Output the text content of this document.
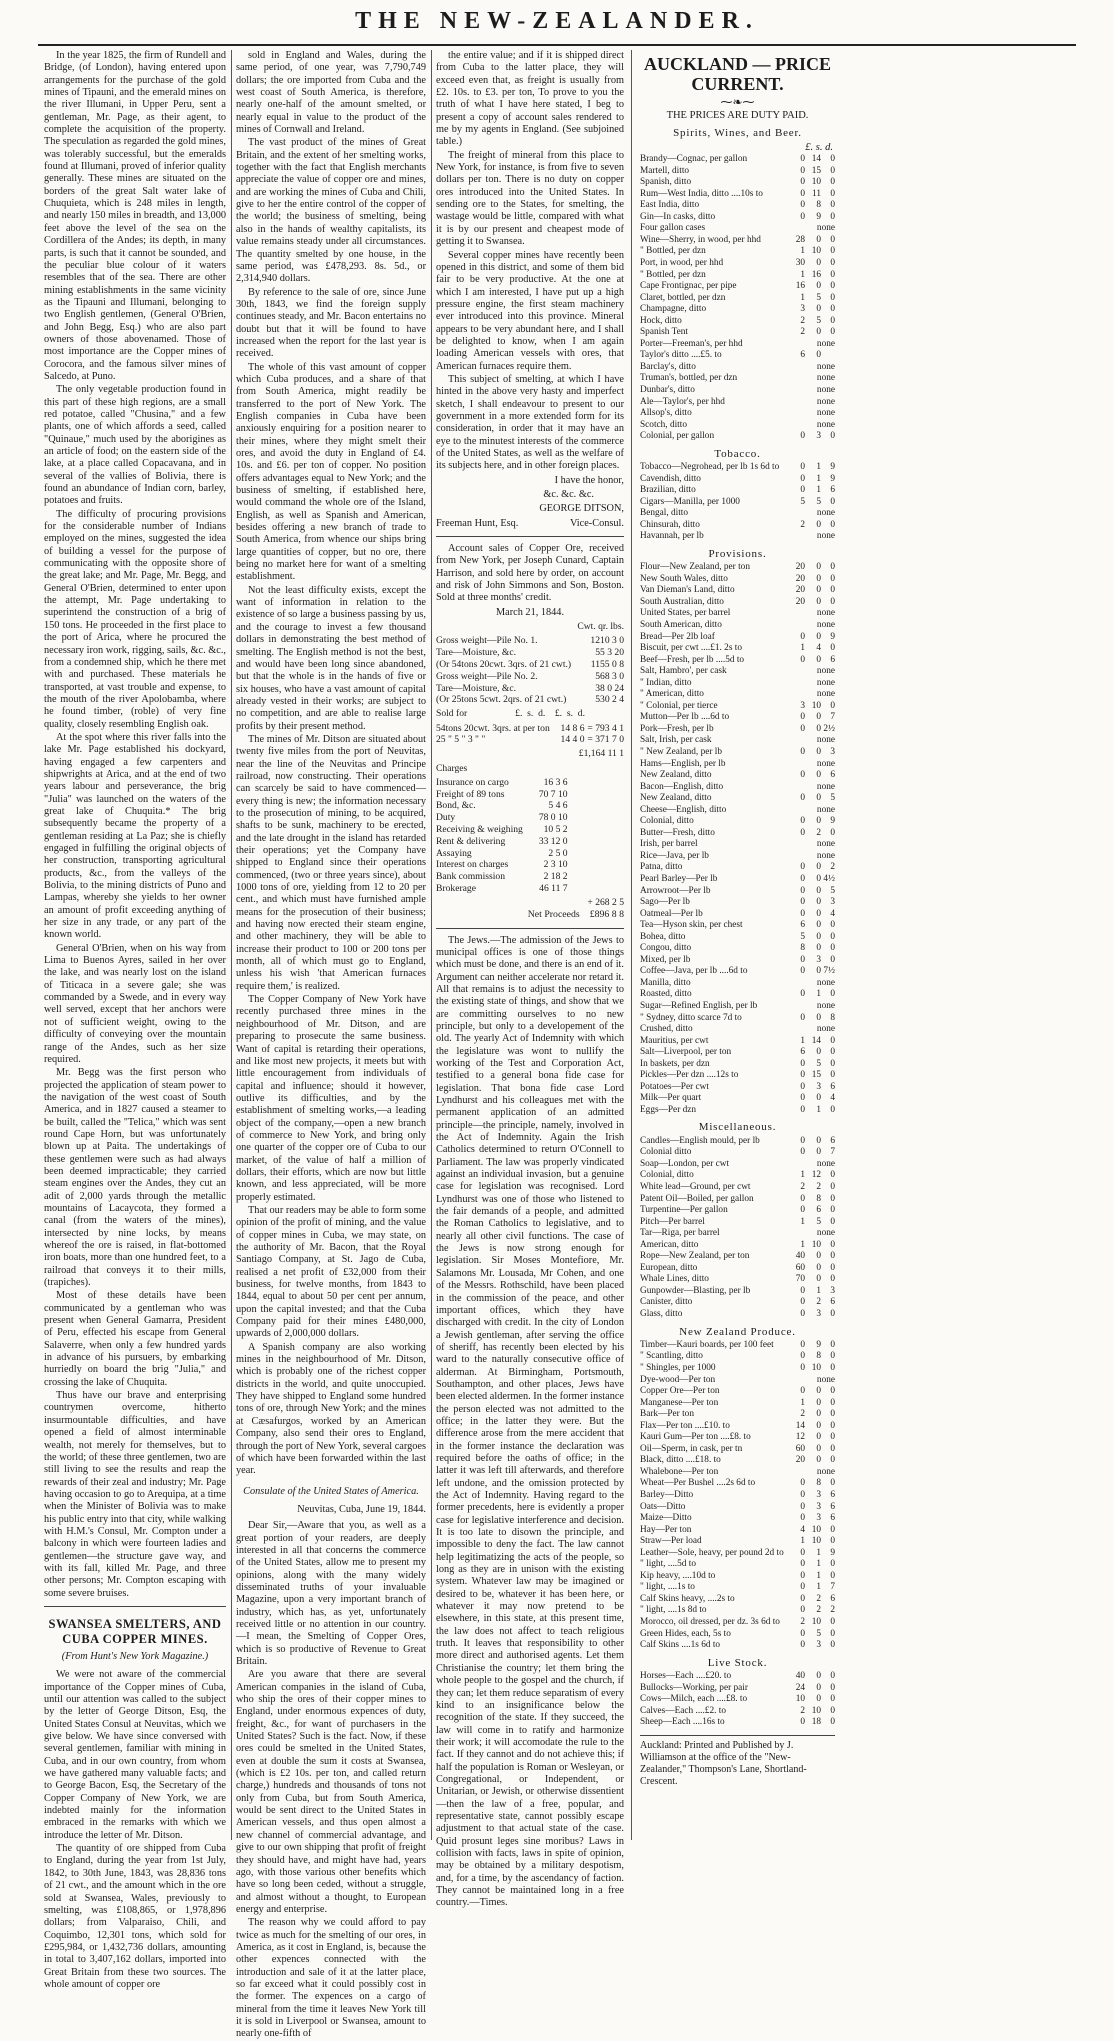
THE NEW-ZEALANDER.

In the year 1825, the firm of Rundell and Bridge, (of London), having entered upon arrangements for the purchase of the gold mines of Tipauni, and the emerald mines on the river Illumani, in Upper Peru, sent a gentleman, Mr. Page, as their agent, to complete the acquisition of the property. The speculation as regarded the gold mines, was tolerably successful, but the emeralds found at Illumani, proved of inferior quality generally. These mines are situated on the borders of the great Salt water lake of Chuquieta, which is 248 miles in length, and nearly 150 miles in breadth, and 13,000 feet above the level of the sea on the Cordillera of the Andes; its depth, in many parts, is such that it cannot be sounded, and the peculiar blue colour of it waters resembles that of the sea. There are other mining establishments in the same vicinity as the Tipauni and Illumani, belonging to two English gentlemen, (General O'Brien, and John Begg, Esq.) who are also part owners of those abovenamed. Those of most importance are the Copper mines of Corocora, and the famous silver mines of Salcedo, at Puno.

The only vegetable production found in this part of these high regions, are a small red potatoe, called "Chusina," and a few plants, one of which affords a seed, called "Quinaue," much used by the aborigines as an article of food; on the eastern side of the lake, at a place called Copacavana, and in several of the vallies of Bolivia, there is found an abundance of Indian corn, barley, potatoes and fruits.

The difficulty of procuring provisions for the considerable number of Indians employed on the mines, suggested the idea of building a vessel for the purpose of communicating with the opposite shore of the great lake; and Mr. Page, Mr. Begg, and General O'Brien, determined to enter upon the attempt, Mr. Page undertaking to superintend the construction of a brig of 150 tons. He proceeded in the first place to the port of Arica, where he procured the necessary iron work, rigging, sails, &c. &c., from a condemned ship, which he there met with and purchased. These materials he transported, at vast trouble and expense, to the mouth of the river Apolobamba, where he found timber, (roble) of very fine quality, closely resembling English oak.

At the spot where this river falls into the lake Mr. Page established his dockyard, having engaged a few carpenters and shipwrights at Arica, and at the end of two years labour and perseverance, the brig "Julia" was launched on the waters of the great lake of Chuquita.* The brig subsequently became the property of a gentleman residing at La Paz; she is chiefly engaged in fulfilling the original objects of her construction, transporting agricultural products, &c., from the valleys of the Bolivia, to the mining districts of Puno and Lampas, whereby she yields to her owner an amount of profit exceeding anything of her size in any trade, or any part of the known world.

General O'Brien, when on his way from Lima to Buenos Ayres, sailed in her over the lake, and was nearly lost on the island of Titicaca in a severe gale; she was commanded by a Swede, and in every way well served, except that her anchors were not of sufficient weight, owing to the difficulty of conveying over the mountain range of the Andes, such as her size required.

Mr. Begg was the first person who projected the application of steam power to the navigation of the west coast of South America, and in 1827 caused a steamer to be built, called the "Telica," which was sent round Cape Horn, but was unfortunately blown up at Paita. The undertakings of these gentlemen were such as had always been deemed impracticable; they carried steam engines over the Andes, they cut an adit of 2,000 yards through the metallic mountains of Lacaycota, they formed a canal (from the waters of the mines), intersected by nine locks, by means whereof the ore is raised, in flat-bottomed iron boats, more than one hundred feet, to a railroad that conveys it to their mills, (trapiches).

Most of these details have been communicated by a gentleman who was present when General Gamarra, President of Peru, effected his escape from General Salaverre, when only a few hundred yards in advance of his pursuers, by embarking hurriedly on board the brig "Julia," and crossing the lake of Chuquita.

Thus have our brave and enterprising countrymen overcome, hitherto insurmountable difficulties, and have opened a field of almost interminable wealth, not merely for themselves, but to the world; of these three gentlemen, two are still living to see the results and reap the rewards of their zeal and industry; Mr. Page having occasion to go to Arequipa, at a time when the Minister of Bolivia was to make his public entry into that city, while walking with H.M.'s Consul, Mr. Compton under a balcony in which were fourteen ladies and gentlemen—the structure gave way, and with its fall, killed Mr. Page, and three other persons; Mr. Compton escaping with some severe bruises.

SWANSEA SMELTERS, AND CUBA COPPER MINES.
(From Hunt's New York Magazine.)

We were not aware of the commercial importance of the Copper mines of Cuba, until our attention was called to the subject by the letter of George Ditson, Esq, the United States Consul at Neuvitas, which we give below. We have since conversed with several gentlemen, familiar with mining in Cuba, and in our own country, from whom we have gathered many valuable facts; and to George Bacon, Esq, the Secretary of the Copper Company of New York, we are indebted mainly for the information embraced in the remarks with which we introduce the letter of Mr. Ditson.

The quantity of ore shipped from Cuba to England, during the year from 1st July, 1842, to 30th June, 1843, was 28,836 tons of 21 cwt., and the amount which in the ore sold at Swansea, Wales, previously to smelting, was £108,865, or 1,978,896 dollars; from Valparaiso, Chili, and Coquimbo, 12,301 tons, which sold for £295,984, or 1,432,736 dollars, amounting in total to 3,407,162 dollars, imported into Great Britain from these two sources. The whole amount of copper ore

sold in England and Wales, during the same period, of one year, was 7,790,749 dollars; the ore imported from Cuba and the west coast of South America, is therefore, nearly one-half of the amount smelted, or nearly equal in value to the product of the mines of Cornwall and Ireland.

The vast product of the mines of Great Britain, and the extent of her smelting works, together with the fact that English merchants appreciate the value of copper ore and mines, and are working the mines of Cuba and Chili, give to her the entire control of the copper of the world; the business of smelting, being also in the hands of wealthy capitalists, its value remains steady under all circumstances. The quantity smelted by one house, in the same period, was £478,293. 8s. 5d., or 2,314,940 dollars.

By reference to the sale of ore, since June 30th, 1843, we find the foreign supply continues steady, and Mr. Bacon entertains no doubt but that it will be found to have increased when the report for the last year is received.

The whole of this vast amount of copper which Cuba produces, and a share of that from South America, might readily be transferred to the port of New York. The English companies in Cuba have been anxiously enquiring for a position nearer to their mines, where they might smelt their ores, and avoid the duty in England of £4. 10s. and £6. per ton of copper. No position offers advantages equal to New York; and the business of smelting, if established here, would command the whole ore of the Island, English, as well as Spanish and American, besides offering a new branch of trade to South America, from whence our ships bring large quantities of copper, but no ore, there being no market here for want of a smelting establishment.

Not the least difficulty exists, except the want of information in relation to the existence of so large a business passing by us, and the courage to invest a few thousand dollars in demonstrating the best method of smelting. The English method is not the best, and would have been long since abandoned, but that the whole is in the hands of five or six houses, who have a vast amount of capital already vested in their works; are subject to no competition, and are able to realise large profits by their present method.

The mines of Mr. Ditson are situated about twenty five miles from the port of Neuvitas, near the line of the Neuvitas and Principe railroad, now constructing. Their operations can scarcely be said to have commenced—every thing is new; the information necessary to the prosecution of mining, to be acquired, shafts to be sunk, machinery to be erected, and the late drought in the island has retarded their operations; yet the Company have shipped to England since their operations commenced, (two or three years since), about 1000 tons of ore, yielding from 12 to 20 per cent., and which must have furnished ample means for the prosecution of their business; and having now erected their steam engine, and other machinery, they will be able to increase their product to 100 or 200 tons per month, all of which must go to England, unless his wish 'that American furnaces require them,' is realized.

The Copper Company of New York have recently purchased three mines in the neighbourhood of Mr. Ditson, and are preparing to prosecute the same business. Want of capital is retarding their operations, and like most new projects, it meets but with little encouragement from individuals of capital and influence; should it however, outlive its difficulties, and by the establishment of smelting works,—a leading object of the company,—open a new branch of commerce to New York, and bring only one quarter of the copper ore of Cuba to our market, of the value of half a million of dollars, their efforts, which are now but little known, and less appreciated, will be more properly estimated.

That our readers may be able to form some opinion of the profit of mining, and the value of copper mines in Cuba, we may state, on the authority of Mr. Bacon, that the Royal Santiago Company, at St. Jago de Cuba, realised a net profit of £32,000 from their business, for twelve months, from 1843 to 1844, equal to about 50 per cent per annum, upon the capital invested; and that the Cuba Company paid for their mines £480,000, upwards of 2,000,000 dollars.

A Spanish company are also working mines in the neighbourhood of Mr. Ditson, which is probably one of the richest copper districts in the world, and quite unoccupied. They have shipped to England some hundred tons of ore, through New York; and the mines at Cæsafurgos, worked by an American Company, also send their ores to England, through the port of New York, several cargoes of which have been forwarded within the last year.

Consulate of the United States of America.
Neuvitas, Cuba, June 19, 1844.

Dear Sir,—Aware that you, as well as a great portion of your readers, are deeply interested in all that concerns the commerce of the United States, allow me to present my opinions, along with the many widely disseminated truths of your invaluable Magazine, upon a very important branch of industry, which has, as yet, unfortunately received little or no attention in our country.—I mean, the Smelting of Copper Ores, which is so productive of Revenue to Great Britain.

Are you aware that there are several American companies in the island of Cuba, who ship the ores of their copper mines to England, under enormous expences of duty, freight, &c., for want of purchasers in the United States? Such is the fact. Now, if these ores could be smelted in the United States, even at double the sum it costs at Swansea, (which is £2 10s. per ton, and called return charge,) hundreds and thousands of tons not only from Cuba, but from South America, would be sent direct to the United States in American vessels, and thus open almost a new channel of commercial advantage, and give to our own shipping that profit of freight they should have, and might have had, years ago, with those various other benefits which have so long been ceded, without a struggle, and almost without a thought, to European energy and enterprise.

The reason why we could afford to pay twice as much for the smelting of our ores, in America, as it cost in England, is, because the other expences connected with the introduction and sale of it at the latter place, so far exceed what it could possibly cost in the former. The expences on a cargo of mineral from the time it leaves New York till it is sold in Liverpool or Swansea, amount to nearly one-fifth of

the entire value; and if it is shipped direct from Cuba to the latter place, they will exceed even that, as freight is usually from £2. 10s. to £3. per ton, To prove to you the truth of what I have here stated, I beg to present a copy of account sales rendered to me by my agents in England. (See subjoined table.)

The freight of mineral from this place to New York, for instance, is from five to seven dollars per ton. There is no duty on copper ores introduced into the United States. In sending ore to the States, for smelting, the wastage would be little, compared with what it is by our present and cheapest mode of getting it to Swansea.

Several copper mines have recently been opened in this district, and some of them bid fair to be very productive. At the one at which I am interested, I have put up a high pressure engine, the first steam machinery ever introduced into this province. Mineral appears to be very abundant here, and I shall be delighted to know, when I am again loading American vessels with ores, that American furnaces require them.

This subject of smelting, at which I have hinted in the above very hasty and imperfect sketch, I shall endeavour to present to our government in a more extended form for its consideration, in order that it may have an eye to the minutest interests of the commerce of the United States, as well as the welfare of its subjects here, and in other foreign places.

I have the honor,
&c. &c. &c.
GEORGE DITSON,
Freeman Hunt, Esq.	Vice-Consul.

Account sales of Copper Ore, received from New York, per Joseph Cunard, Captain Harrison, and sold here by order, on account and risk of John Simmons and Son, Boston. Sold at three months' credit.

March 21, 1844.
Cwt. qr. lbs.
Gross weight—Pile No. 1.	1210 3 0
Tare—Moisture, &c.	55 3 20
(Or 54tons 20cwt. 3qrs. of 21 cwt.)	1155 0 8
Gross weight—Pile No. 2.	568 3 0
Tare—Moisture, &c.	38 0 24
(Or 25tons 5cwt. 2qrs. of 21 cwt.)	530 2 4
Sold for                    £.  s.  d.    £.  s.  d.
54tons 20cwt. 3qrs. at per ton	14 8 6	= 793 4 1
25 " 5 " 3 " "	14 4 0	= 371 7 0
£1,164 11 1
Charges
Insurance on cargo	16 3 6
Freight of 89 tons	70 7 10
Bond, &c.	5 4 6
Duty	78 0 10
Receiving & weighing	10 5 2
Rent & delivering	33 12 0
Assaying	2 5 0
Interest on charges	2 3 10
Bank commission	2 18 2
Brokerage	46 11 7
+ 268 2 5
Net Proceeds £896 8 8

The Jews.—The admission of the Jews to municipal offices is one of those things which must be done, and there is an end of it. Argument can neither accelerate nor retard it. All that remains is to adjust the necessity to the existing state of things, and show that we are committing ourselves to no new principle, but only to a developement of the old. The yearly Act of Indemnity with which the legislature was wont to nullify the working of the Test and Corporation Act, testified to a general bona fide case for legislation. That bona fide case Lord Lyndhurst and his colleagues met with the permanent application of an admitted principle—the principle, namely, involved in the Act of Indemnity. Again the Irish Catholics determined to return O'Connell to Parliament. The law was properly vindicated against an individual invasion, but a genuine case for legislation was recognised. Lord Lyndhurst was one of those who listened to the fair demands of a people, and admitted the Roman Catholics to legislative, and to nearly all other civil functions. The case of the Jews is now strong enough for legislation. Sir Moses Montefiore, Mr. Salamons Mr. Lousada, Mr Cohen, and one of the Messrs. Rothschild, have been placed in the commission of the peace, and other important offices, which they have discharged with credit. In the city of London a Jewish gentleman, after serving the office of sheriff, has recently been elected by his ward to the naturally consecutive office of alderman. At Birmingham, Portsmouth, Southampton, and other places, Jews have been elected aldermen. In the former instance the person elected was not admitted to the office; in the latter they were. But the difference arose from the mere accident that in the former instance the declaration was required before the oaths of office; in the latter it was left till afterwards, and therefore left undone, and the omission protected by the Act of Indemnity. Having regard to the former precedents, here is evidently a proper case for legislative interference and decision. It is too late to disown the principle, and impossible to deny the fact. The law cannot help legitimatizing the acts of the people, so long as they are in unison with the existing system. Whatever law may be imagined or desired to be, whatever it has been here, or whatever it may now pretend to be elsewhere, in this state, at this present time, the law does not affect to teach religious truth. It leaves that responsibility to other more direct and authorised agents. Let them Christianise the country; let them bring the whole people to the gospel and the church, if they can; let them reduce separatism of every kind to an insignificance below the recognition of the state. If they succeed, the law will come in to ratify and harmonize their work; it will accomodate the rule to the fact. If they cannot and do not achieve this; if half the population is Roman or Wesleyan, or Congregational, or Independent, or Unitarian, or Jewish, or otherwise dissentient—then the law of a free, popular, and representative state, cannot possibly escape adjustment to that actual state of the case. Quid prosunt leges sine moribus? Laws in collision with facts, laws in spite of opinion, may be obtained by a military despotism, and, for a time, by the ascendancy of faction. They cannot be maintained long in a free country.—Times.

AUCKLAND — PRICE CURRENT.
⁓❧⁓
THE PRICES ARE DUTY PAID.
Spirits, Wines, and Beer.
£. s. d.
Brandy—Cognac, per gallon	0	14	0
Martell, ditto	0	15	0
Spanish, ditto	0	10	0
Rum—West India, ditto ....10s to	0	11	0
East India, ditto	0	8	0
Gin—In casks, ditto	0	9	0
Four gallon cases	none		
Wine—Sherry, in wood, per hhd	28	0	0
" Bottled, per dzn	1	10	0
Port, in wood, per hhd	30	0	0
" Bottled, per dzn	1	16	0
Cape Frontignac, per pipe	16	0	0
Claret, bottled, per dzn	1	5	0
Champagne, ditto	3	0	0
Hock, ditto	2	5	0
Spanish Tent	2	0	0
Porter—Freeman's, per hhd	none		
Taylor's ditto ....£5. to	6	0	
Barclay's, ditto	none		
Truman's, bottled, per dzn	none		
Dunbar's, ditto	none		
Ale—Taylor's, per hhd	none		
Allsop's, ditto	none		
Scotch, ditto	none		
Colonial, per gallon	0	3	0
Tobacco.
Tobacco—Negrohead, per lb 1s 6d to	0	1	9
Cavendish, ditto	0	1	9
Brazilian, ditto	0	1	6
Cigars—Manilla, per 1000	5	5	0
Bengal, ditto	none		
Chinsurah, ditto	2	0	0
Havannah, per lb	none		
Provisions.
Flour—New Zealand, per ton	20	0	0
New South Wales, ditto	20	0	0
Van Dieman's Land, ditto	20	0	0
South Australian, ditto	20	0	0
United States, per barrel	none		
South American, ditto	none		
Bread—Per 2lb loaf	0	0	9
Biscuit, per cwt ....£1. 2s to	1	4	0
Beef—Fresh, per lb ....5d to	0	0	6
Salt, Hambro', per cask	none		
" Indian, ditto	none		
" American, ditto	none		
" Colonial, per tierce	3	10	0
Mutton—Per lb ....6d to	0	0	7
Pork—Fresh, per lb	0	0	2½
Salt, Irish, per cask	none		
" New Zealand, per lb	0	0	3
Hams—English, per lb	none		
New Zealand, ditto	0	0	6
Bacon—English, ditto	none		
New Zealand, ditto	0	0	5
Cheese—English, ditto	none		
Colonial, ditto	0	0	9
Butter—Fresh, ditto	0	2	0
Irish, per barrel	none		
Rice—Java, per lb	none		
Patna, ditto	0	0	2
Pearl Barley—Per lb	0	0	4½
Arrowroot—Per lb	0	0	5
Sago—Per lb	0	0	3
Oatmeal—Per lb	0	0	4
Tea—Hyson skin, per chest	6	0	0
Bohea, ditto	5	0	0
Congou, ditto	8	0	0
Mixed, per lb	0	3	0
Coffee—Java, per lb ....6d to	0	0	7½
Manilla, ditto	none		
Roasted, ditto	0	1	0
Sugar—Refined English, per lb	none		
" Sydney, ditto scarce 7d to	0	0	8
Crushed, ditto	none		
Mauritius, per cwt	1	14	0
Salt—Liverpool, per ton	6	0	0
In baskets, per dzn	0	5	0
Pickles—Per dzn ....12s to	0	15	0
Potatoes—Per cwt	0	3	6
Milk—Per quart	0	0	4
Eggs—Per dzn	0	1	0
Miscellaneous.
Candles—English mould, per lb	0	0	6
Colonial ditto	0	0	7
Soap—London, per cwt	none		
Colonial, ditto	1	12	0
White lead—Ground, per cwt	2	2	0
Patent Oil—Boiled, per gallon	0	8	0
Turpentine—Per gallon	0	6	0
Pitch—Per barrel	1	5	0
Tar—Riga, per barrel	none		
American, ditto	1	10	0
Rope—New Zealand, per ton	40	0	0
European, ditto	60	0	0
Whale Lines, ditto	70	0	0
Gunpowder—Blasting, per lb	0	1	3
Canister, ditto	0	2	6
Glass, ditto	0	3	0
New Zealand Produce.
Timber—Kauri boards, per 100 feet	0	9	0
" Scantling, ditto	0	8	0
" Shingles, per 1000	0	10	0
Dye-wood—Per ton	none		
Copper Ore—Per ton	0	0	0
Manganese—Per ton	1	0	0
Bark—Per ton	2	0	0
Flax—Per ton ....£10. to	14	0	0
Kauri Gum—Per ton ....£8. to	12	0	0
Oil—Sperm, in cask, per tn	60	0	0
Black, ditto ....£18. to	20	0	0
Whalebone—Per ton	none		
Wheat—Per Bushel ....2s 6d to	0	8	0
Barley—Ditto	0	3	6
Oats—Ditto	0	3	6
Maize—Ditto	0	3	6
Hay—Per ton	4	10	0
Straw—Per load	1	10	0
Leather—Sole, heavy, per pound 2d to	0	1	9
" light, ....5d to	0	1	0
Kip heavy, ....10d to	0	1	0
" light, ....1s to	0	1	7
Calf Skins heavy, ....2s to	0	2	6
" light, ....1s 8d to	0	2	2
Morocco, oil dressed, per dz. 3s 6d to	2	10	0
Green Hides, each, 5s to	0	5	0
Calf Skins ....1s 6d to	0	3	0
Live Stock.
Horses—Each ....£20. to	40	0	0
Bullocks—Working, per pair	24	0	0
Cows—Milch, each ....£8. to	10	0	0
Calves—Each ....£2. to	2	10	0
Sheep—Each ....16s to	0	18	0
Auckland: Printed and Published by J. Williamson at the office of the "New-Zealander," Thompson's Lane, Shortland-Crescent.
